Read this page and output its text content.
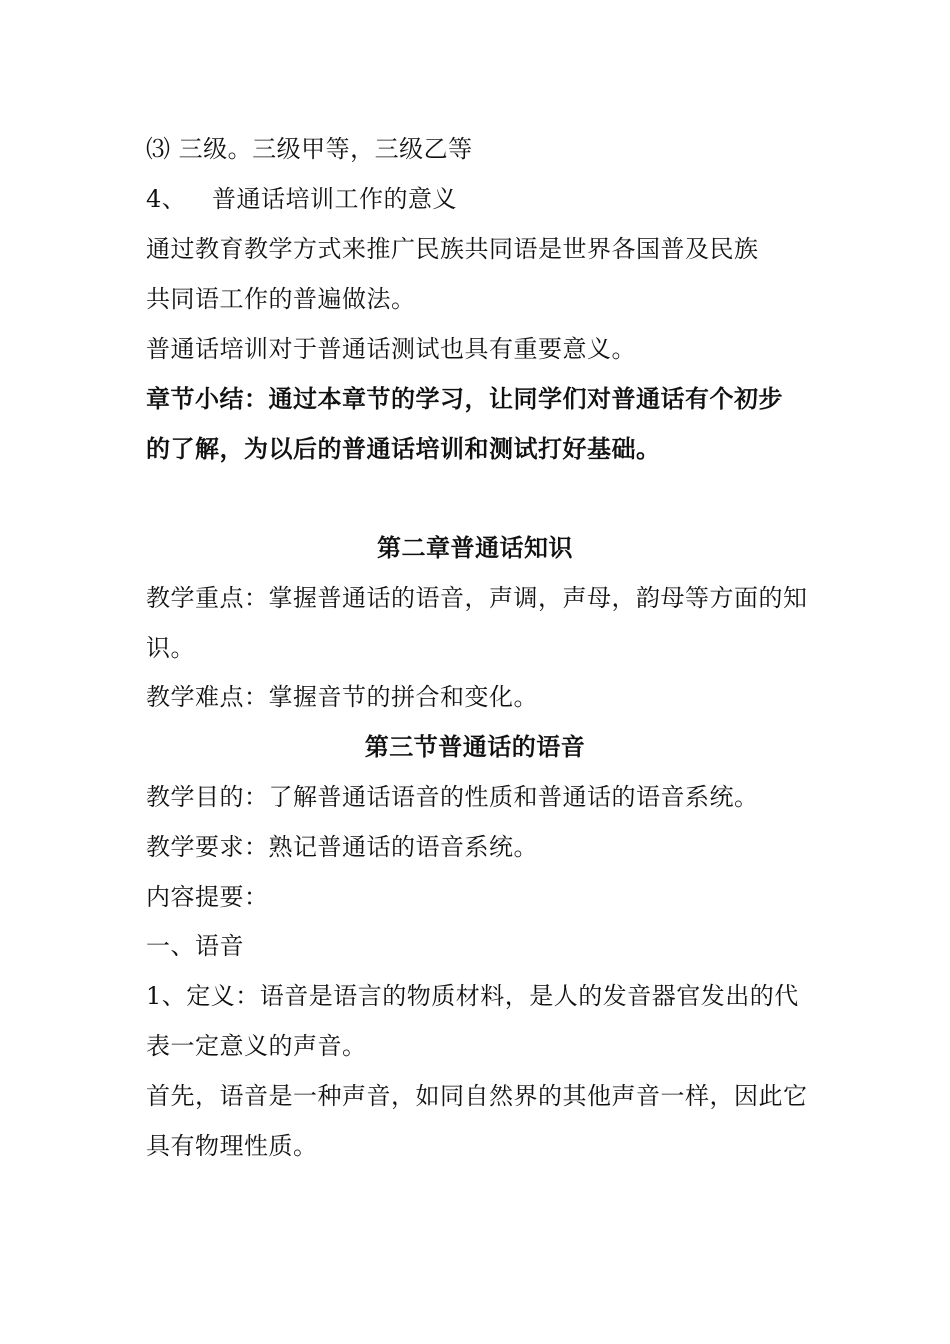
⑶ 三级。三级甲等，三级乙等
4、 普通话培训工作的意义
通过教育教学方式来推广民族共同语是世界各国普及民族
共同语工作的普遍做法。
普通话培训对于普通话测试也具有重要意义。
章节小结：通过本章节的学习，让同学们对普通话有个初步
的了解，为以后的普通话培训和测试打好基础。
第二章普通话知识
教学重点：掌握普通话的语音，声调，声母，韵母等方面的知
识。
教学难点：掌握音节的拼合和变化。
第三节普通话的语音
教学目的：了解普通话语音的性质和普通话的语音系统。
教学要求：熟记普通话的语音系统。
内容提要：
一、语音
1、定义：语音是语言的物质材料，是人的发音器官发出的代
表一定意义的声音。
首先，语音是一种声音，如同自然界的其他声音一样，因此它
具有物理性质。
